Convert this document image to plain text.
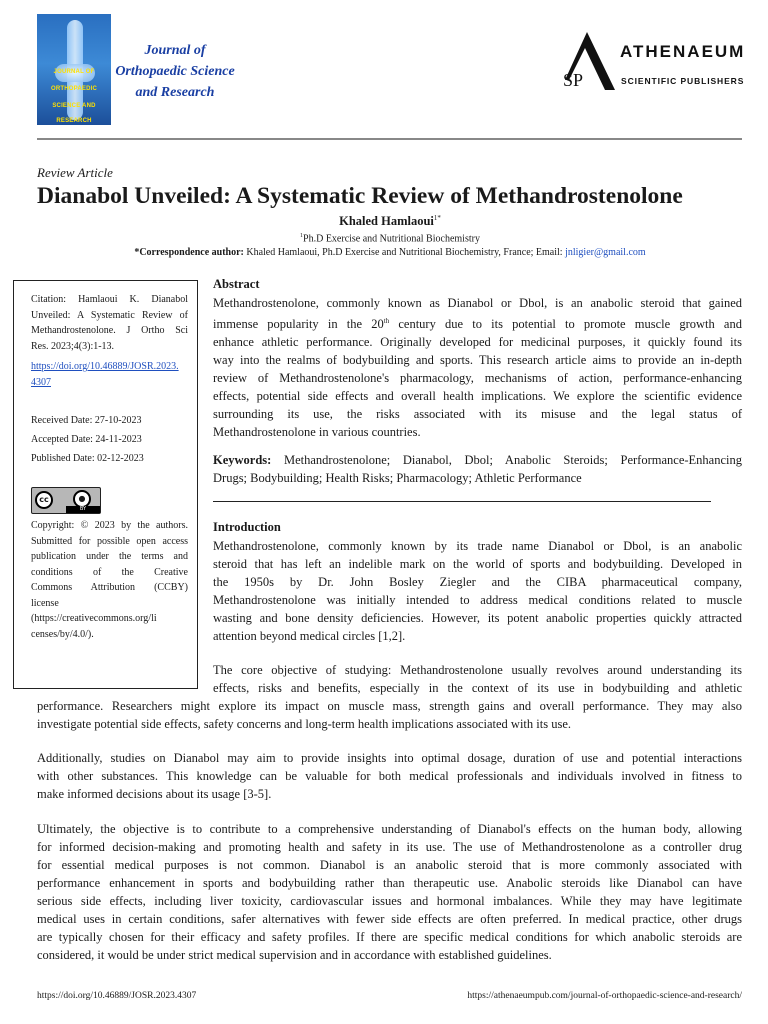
JOURNAL OF
ORTHOPAEDIC
SCIENCE AND
RESEARCH
Journal of
Orthopaedic Science
and Research
SP
ATHENAEUM
SCIENTIFIC PUBLISHERS
Review Article
Dianabol Unveiled: A Systematic Review of Methandrostenolone
Khaled Hamlaoui$^{1*}$
$^1$Ph.D Exercise and Nutritional Biochemistry
*Correspondence author: Khaled Hamlaoui, Ph.D Exercise and Nutritional Biochemistry, France; Email: jnligier@gmail.com
Citation: Hamlaoui K. Dianabol
Unveiled: A Systematic Review of
Methandrostenolone. J Ortho Sci
Res. 2023;4(3):1-13.
https://doi.org/10.46889/JOSR.2023.
4307
Received Date: 27-10-2023
Accepted Date: 24-11-2023
Published Date: 02-12-2023
cc	●
BY
Copyright: © 2023 by the authors.
Submitted for possible open access
publication under the terms and
conditions of the Creative
Commons Attribution (CCBY)
license
(https://creativecommons.org/li
censes/by/4.0/).
Abstract
Methandrostenolone, commonly known as Dianabol or Dbol, is an anabolic steroid that gained
immense popularity in the 20th century due to its potential to promote muscle growth and
enhance athletic performance. Originally developed for medicinal purposes, it quickly found its
way into the realms of bodybuilding and sports. This research article aims to provide an in-depth
review of Methandrostenolone's pharmacology, mechanisms of action, performance-enhancing
effects, potential side effects and overall health implications. We explore the scientific evidence
surrounding its use, the risks associated with its misuse and the legal status of
Methandrostenolone in various countries.
Keywords: Methandrostenolone; Dianabol, Dbol; Anabolic Steroids; Performance-Enhancing
Drugs; Bodybuilding; Health Risks; Pharmacology; Athletic Performance
Introduction
Methandrostenolone, commonly known by its trade name Dianabol or Dbol, is an anabolic
steroid that has left an indelible mark on the world of sports and bodybuilding. Developed in
the 1950s by Dr. John Bosley Ziegler and the CIBA pharmaceutical company,
Methandrostenolone was initially intended to address medical conditions related to muscle
wasting and bone density deficiencies. However, its potent anabolic properties quickly attracted
attention beyond medical circles [1,2].
The core objective of studying: Methandrostenolone usually revolves around understanding its
effects, risks and benefits, especially in the context of its use in bodybuilding and athletic
performance. Researchers might explore its impact on muscle mass, strength gains and overall performance. They may also
investigate potential side effects, safety concerns and long-term health implications associated with its use.
Additionally, studies on Dianabol may aim to provide insights into optimal dosage, duration of use and potential interactions
with other substances. This knowledge can be valuable for both medical professionals and individuals involved in fitness to
make informed decisions about its usage [3-5].
Ultimately, the objective is to contribute to a comprehensive understanding of Dianabol's effects on the human body, allowing
for informed decision-making and promoting health and safety in its use. The use of Methandrostenolone as a controller drug
for essential medical purposes is not common. Dianabol is an anabolic steroid that is more commonly associated with
performance enhancement in sports and bodybuilding rather than therapeutic use. Anabolic steroids like Dianabol can have
serious side effects, including liver toxicity, cardiovascular issues and hormonal imbalances. While they may have legitimate
medical uses in certain conditions, safer alternatives with fewer side effects are often preferred. In medical practice, other drugs
are typically chosen for their efficacy and safety profiles. If there are specific medical conditions for which anabolic steroids are
considered, it would be under strict medical supervision and in accordance with established guidelines.
https://doi.org/10.46889/JOSR.2023.4307	https://athenaeumpub.com/journal-of-orthopaedic-science-and-research/
